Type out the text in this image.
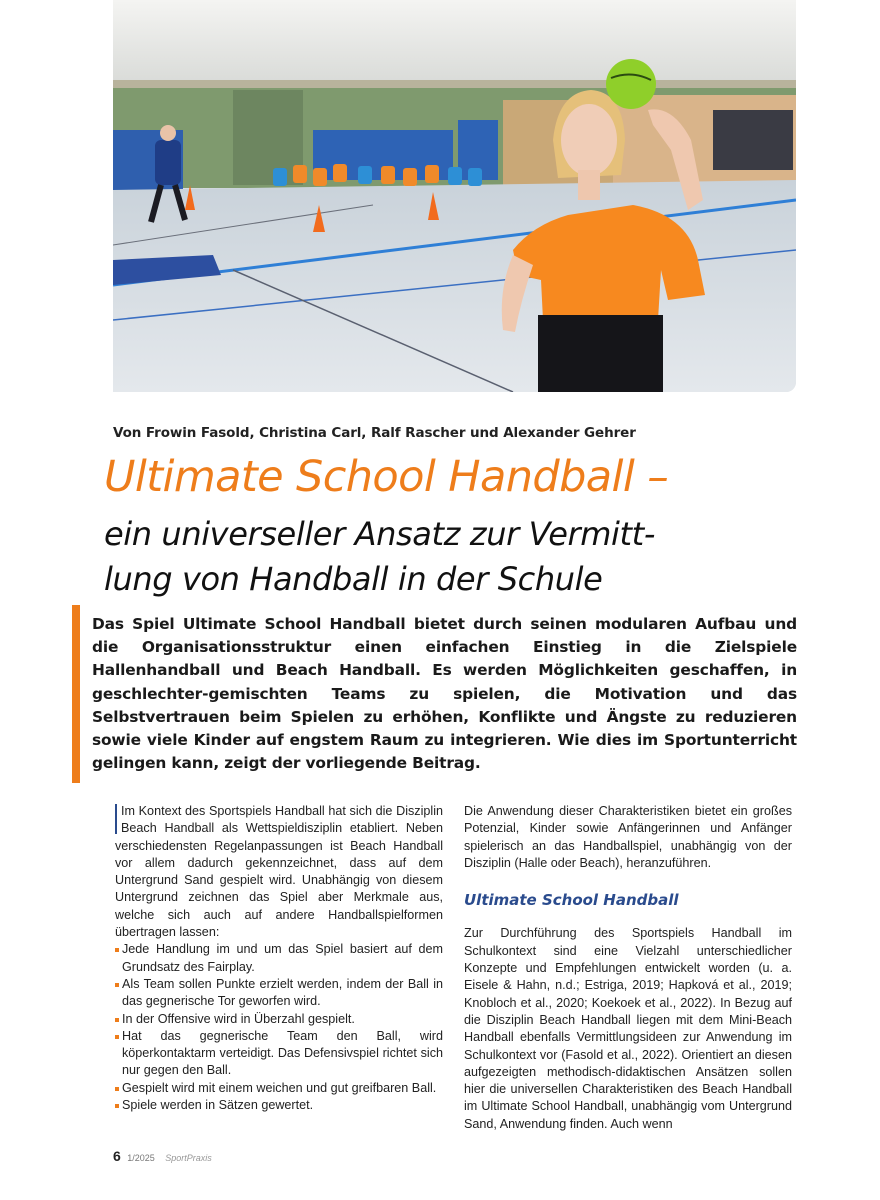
Von Frowin Fasold, Christina Carl, Ralf Rascher und Alexander Gehrer
Ultimate School Handball –
ein universeller Ansatz zur Vermitt-
lung von Handball in der Schule
Das Spiel Ultimate School Handball bietet durch seinen modularen Aufbau und die Organisationsstruktur einen einfachen Einstieg in die Zielspiele Hallenhandball und Beach Handball. Es werden Möglichkeiten geschaffen, in geschlechter-gemischten Teams zu spielen, die Motivation und das Selbstvertrauen beim Spielen zu erhöhen, Konflikte und Ängste zu reduzieren sowie viele Kinder auf engstem Raum zu integrieren. Wie dies im Sportunterricht gelingen kann, zeigt der vorliegende Beitrag.

Im Kontext des Sportspiels Handball hat sich die Disziplin Beach Handball als Wettspieldisziplin etabliert. Neben verschiedensten Regelanpassungen ist Beach Handball vor allem dadurch gekennzeichnet, dass auf dem Untergrund Sand gespielt wird. Unabhängig von diesem Untergrund zeichnen das Spiel aber Merkmale aus, welche sich auch auf andere Handballspielformen übertragen lassen:

Jede Handlung im und um das Spiel basiert auf dem Grundsatz des Fairplay.
Als Team sollen Punkte erzielt werden, indem der Ball in das gegnerische Tor geworfen wird.
In der Offensive wird in Überzahl gespielt.
Hat das gegnerische Team den Ball, wird köperkontaktarm verteidigt. Das Defensivspiel richtet sich nur gegen den Ball.
Gespielt wird mit einem weichen und gut greifbaren Ball.
Spiele werden in Sätzen gewertet.

Die Anwendung dieser Charakteristiken bietet ein großes Potenzial, Kinder sowie Anfängerinnen und Anfänger spielerisch an das Handballspiel, unabhängig von der Disziplin (Halle oder Beach), heranzuführen.

Ultimate School Handball

Zur Durchführung des Sportspiels Handball im Schulkontext sind eine Vielzahl unterschiedlicher Konzepte und Empfehlungen entwickelt worden (u. a. Eisele & Hahn, n.d.; Estriga, 2019; Hapková et al., 2019; Knobloch et al., 2020; Koekoek et al., 2022). In Bezug auf die Disziplin Beach Handball liegen mit dem Mini-Beach Handball ebenfalls Vermittlungsideen zur Anwendung im Schulkontext vor (Fasold et al., 2022). Orientiert an diesen aufgezeigten methodisch-didaktischen Ansätzen sollen hier die universellen Charakteristiken des Beach Handball im Ultimate School Handball, unabhängig vom Untergrund Sand, Anwendung finden. Auch wenn

6 1/2025 SportPraxis
